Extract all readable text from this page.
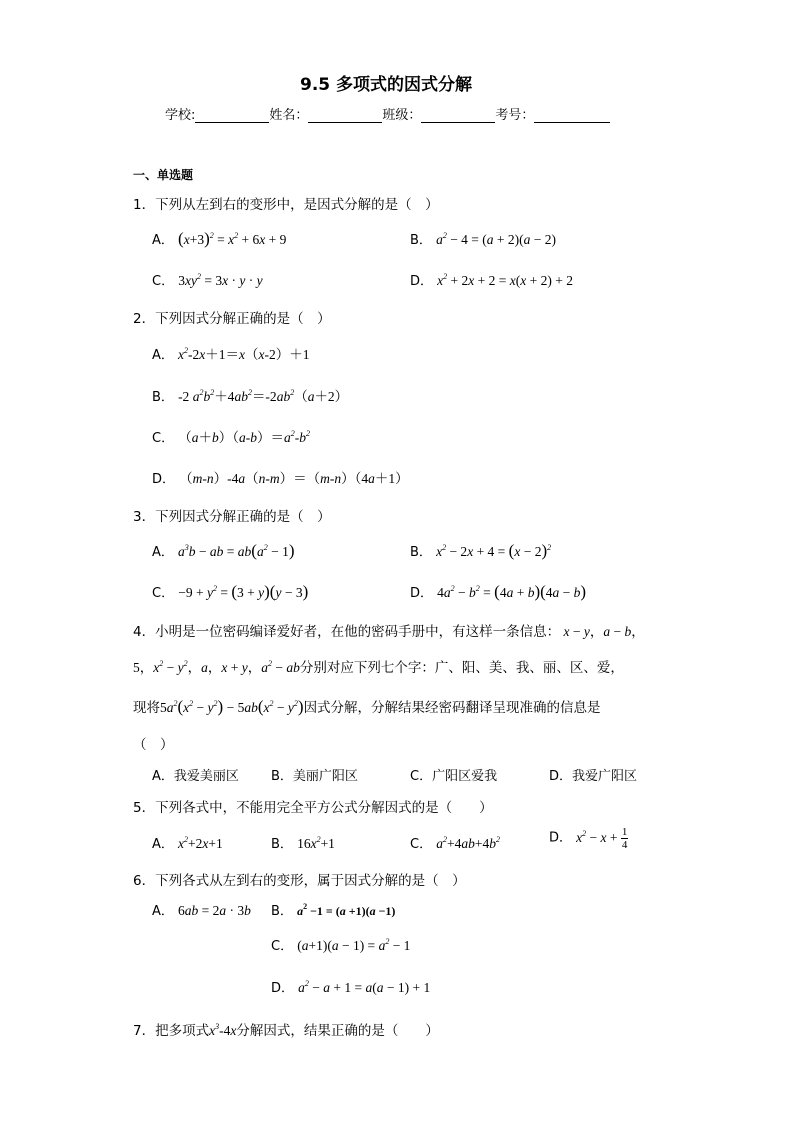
9.5 多项式的因式分解
学校:	姓名：	班级：	考号：
一、单选题
1．下列从左到右的变形中，是因式分解的是（　）
A． $(x+3)^2 = x^2 + 6x + 9$	B． $a^2 - 4 = (a + 2)(a - 2)$
C． $3xy^2 = 3x \cdot y \cdot y$	D． $x^2 + 2x + 2 = x(x + 2) + 2$
2．下列因式分解正确的是（　）
A． $x^2-2x+1=x(x-2)+1$
B． -2 $a^2b^2+4ab^2=-2ab^2(a+2)$
C． $(a+b)(a-b)=a^2-b^2$
D． （m-n）-4a（n-m）＝（m-n）（4a＋1）
3．下列因式分解正确的是（　）
A． $a^3b$ − ab = $ab(a^2 - 1)$	B． $x^2 - 2x + 4 = (x - 2)^2$
C． $-9 + y^2 = (3 + y)(y - 3)$	D． $4a^2 - b^2 = (4a + b)(4a - b)$
4．小明是一位密码编译爱好者，在他的密码手册中，有这样一条信息： x − y，a − b，
5，$x^2 - y^2$，a，x + y，$a^2$ − ab分别对应下列七个字：广、阳、美、我、丽、区、爱，
现将$5a^2(x^2 - y^2) - 5ab(x^2 - y^2)$因式分解，分解结果经密码翻译呈现准确的信息是
（　）
A．我爱美丽区 B．美丽广阳区	C．广阳区爱我	D．我爱广阳区
5．下列各式中，不能用完全平方公式分解因式的是（　　）
A． $x^2+2x+1$	B． $16x^2+1$	C． $a^2+4ab+4b^2$	D． $x^2 - x + \frac{1}{4}$
6．下列各式从左到右的变形，属于因式分解的是（　）
A． 6ab = 2a · 3b B． $a^2 -1 = (a +1)(a -1)$
C． $(a+1)(a - 1) = a^2 - 1$
D． $a^2 - a + 1 = a(a - 1) + 1$
7．把多项式$x^3-4x$分解因式，结果正确的是（　　）
